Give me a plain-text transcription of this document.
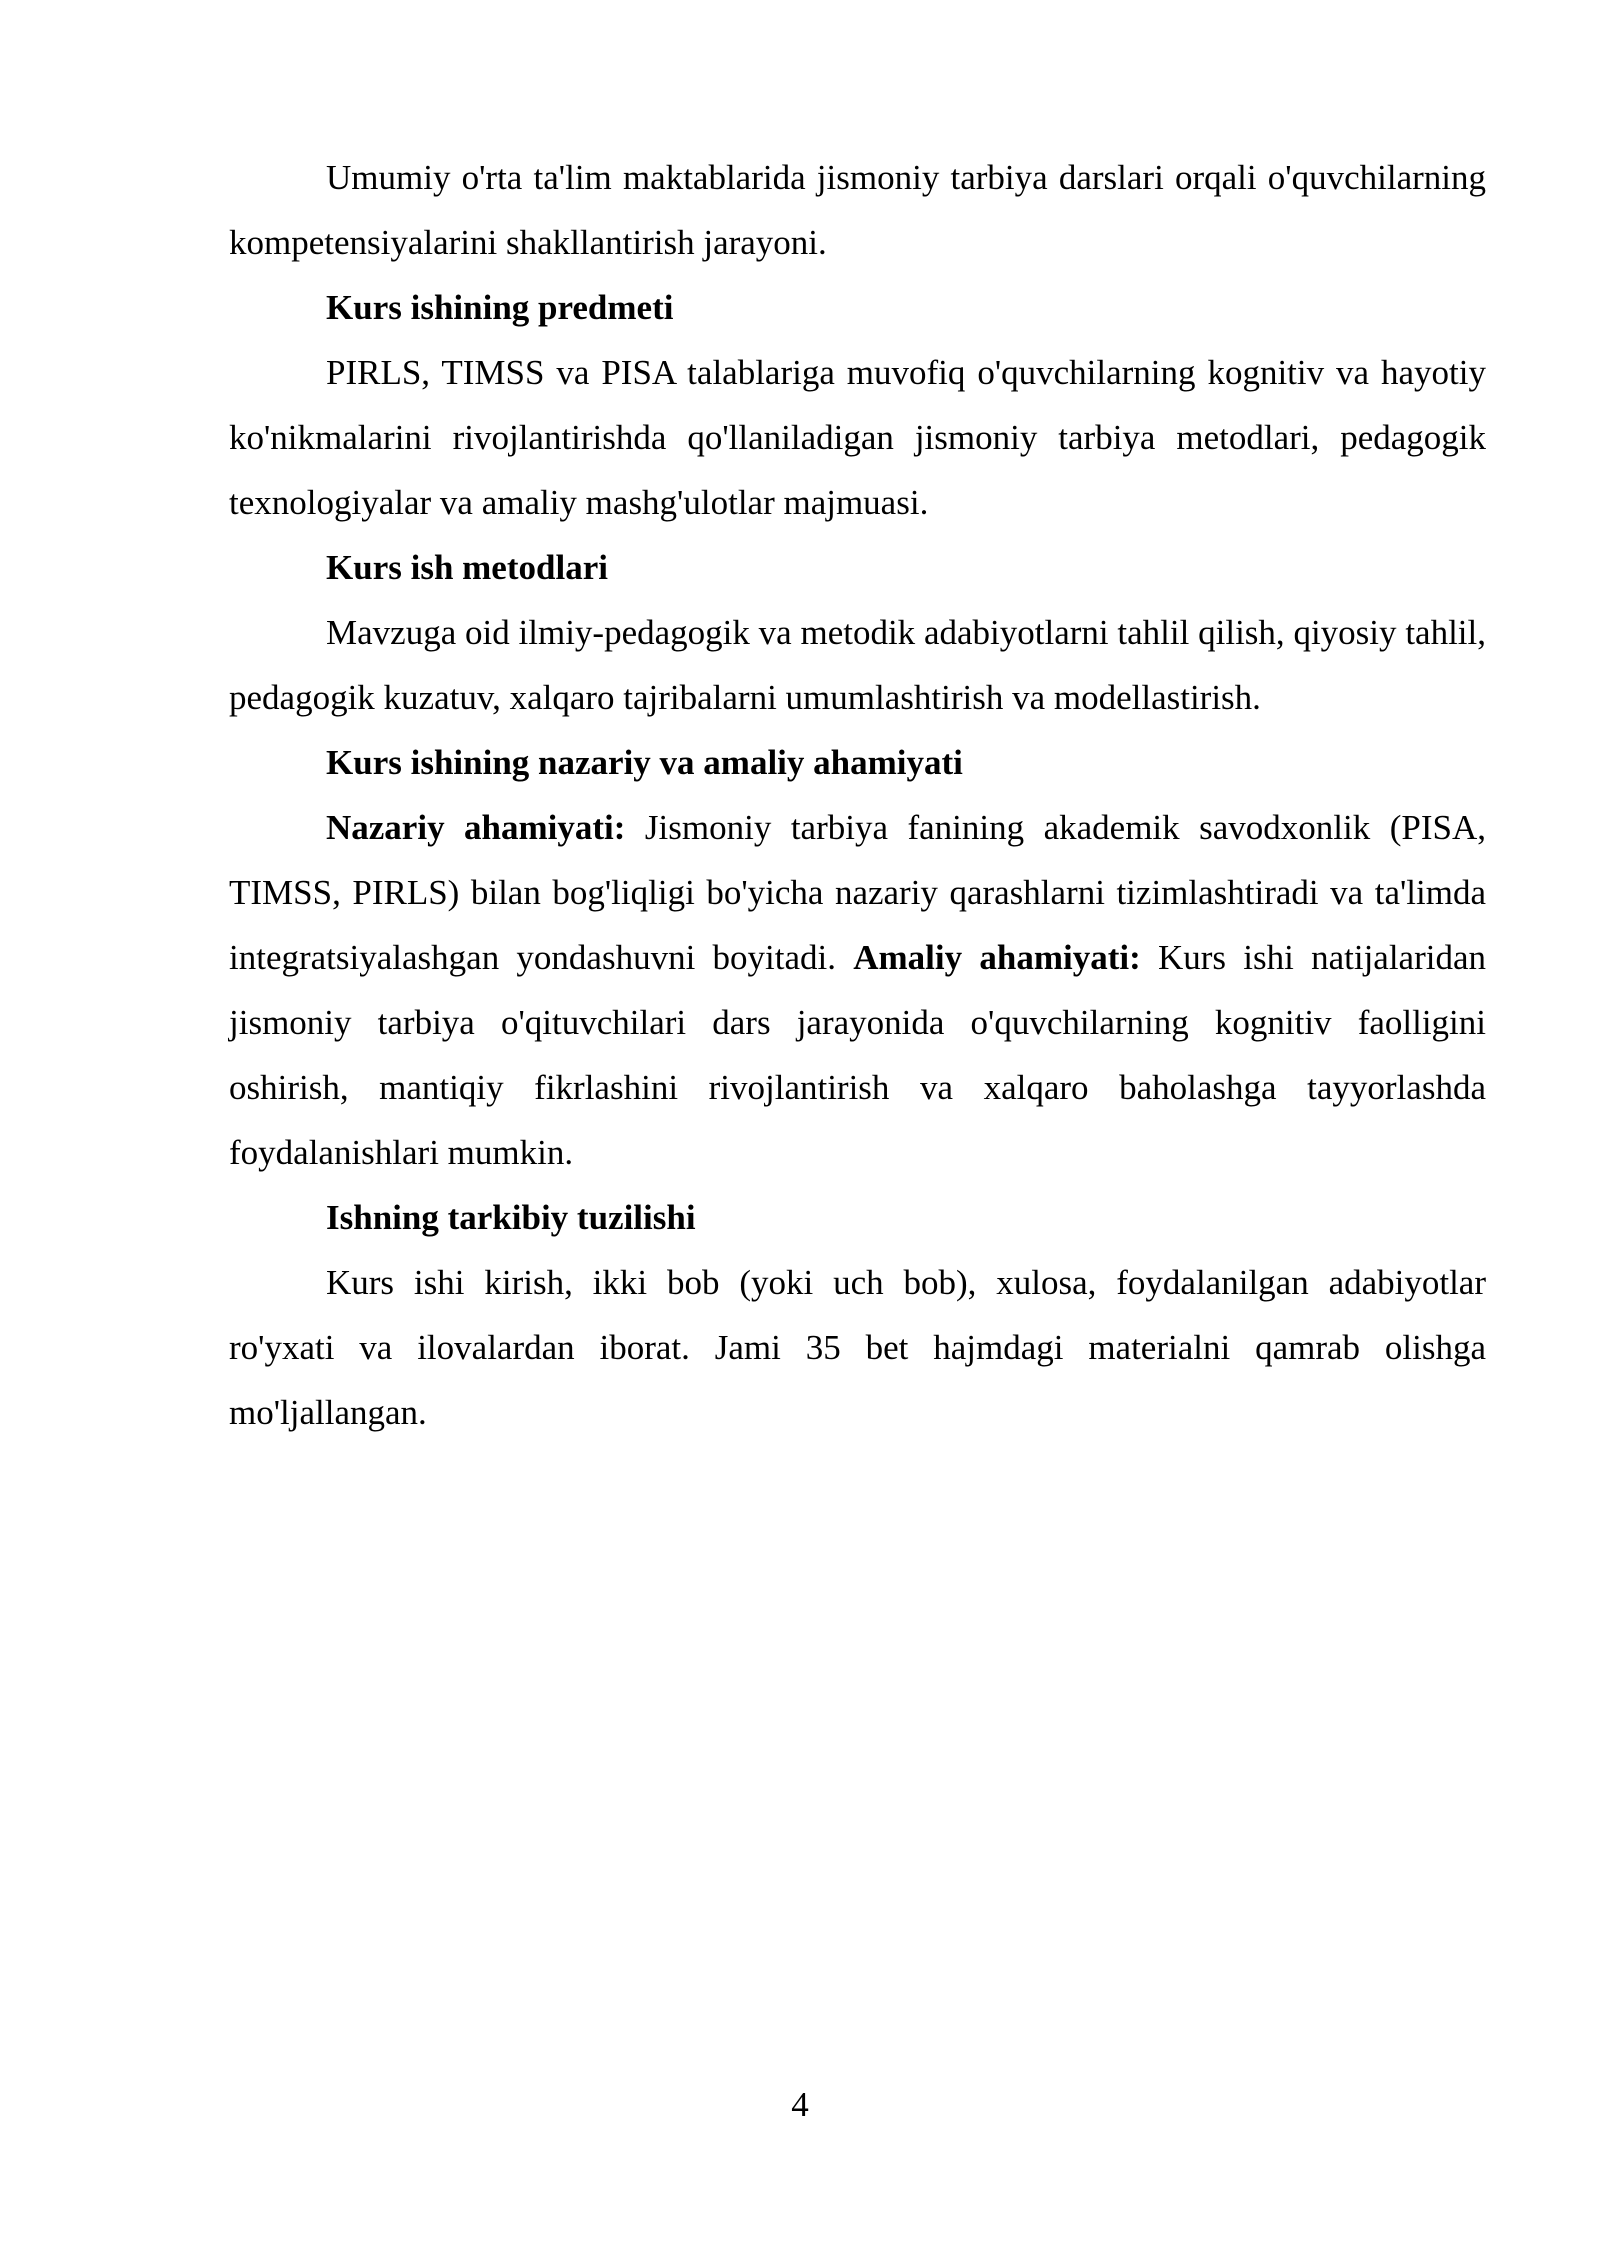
Umumiy o'rta ta'lim maktablarida jismoniy tarbiya darslari orqali o'quvchilarning kompetensiyalarini shakllantirish jarayoni.

Kurs ishining predmeti

PIRLS, TIMSS va PISA talablariga muvofiq o'quvchilarning kognitiv va hayotiy ko'nikmalarini rivojlantirishda qo'llaniladigan jismoniy tarbiya metodlari, pedagogik texnologiyalar va amaliy mashg'ulotlar majmuasi.

Kurs ish metodlari

Mavzuga oid ilmiy-pedagogik va metodik adabiyotlarni tahlil qilish, qiyosiy tahlil, pedagogik kuzatuv, xalqaro tajribalarni umumlashtirish va modellastirish.

Kurs ishining nazariy va amaliy ahamiyati

Nazariy ahamiyati: Jismoniy tarbiya fanining akademik savodxonlik (PISA, TIMSS, PIRLS) bilan bog'liqligi bo'yicha nazariy qarashlarni tizimlashtiradi va ta'limda integratsiyalashgan yondashuvni boyitadi. Amaliy ahamiyati: Kurs ishi natijalaridan jismoniy tarbiya o'qituvchilari dars jarayonida o'quvchilarning kognitiv faolligini oshirish, mantiqiy fikrlashini rivojlantirish va xalqaro baholashga tayyorlashda foydalanishlari mumkin.

Ishning tarkibiy tuzilishi

Kurs ishi kirish, ikki bob (yoki uch bob), xulosa, foydalanilgan adabiyotlar ro'yxati va ilovalardan iborat. Jami 35 bet hajmdagi materialni qamrab olishga mo'ljallangan.

4
